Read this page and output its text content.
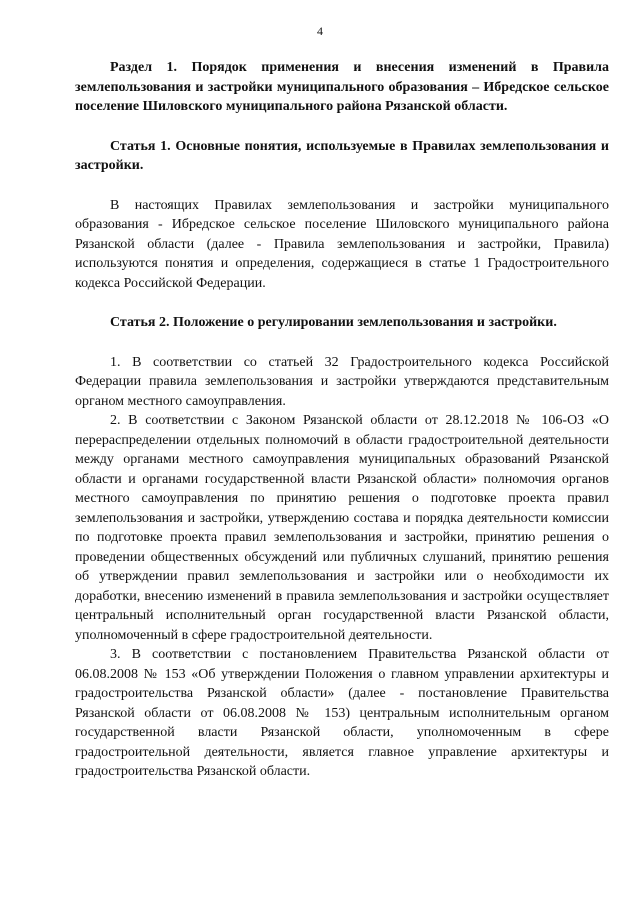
4

Раздел 1. Порядок применения и внесения изменений в Правила землепользования и застройки муниципального образования – Ибредское сельское поселение Шиловского муниципального района Рязанской области.

Статья 1. Основные понятия, используемые в Правилах землепользования и застройки.

В настоящих Правилах землепользования и застройки муниципального образования - Ибредское сельское поселение Шиловского муниципального района Рязанской области (далее - Правила землепользования и застройки, Правила) используются понятия и определения, содержащиеся в статье 1 Градостроительного кодекса Российской Федерации.

Статья 2. Положение о регулировании землепользования и застройки.

1. В соответствии со статьей 32 Градостроительного кодекса Российской Федерации правила землепользования и застройки утверждаются представительным органом местного самоуправления.

2. В соответствии с Законом Рязанской области от 28.12.2018 № 106-ОЗ «О перераспределении отдельных полномочий в области градостроительной деятельности между органами местного самоуправления муниципальных образований Рязанской области и органами государственной власти Рязанской области» полномочия органов местного самоуправления по принятию решения о подготовке проекта правил землепользования и застройки, утверждению состава и порядка деятельности комиссии по подготовке проекта правил землепользования и застройки, принятию решения о проведении общественных обсуждений или публичных слушаний, принятию решения об утверждении правил землепользования и застройки или о необходимости их доработки, внесению изменений в правила землепользования и застройки осуществляет центральный исполнительный орган государственной власти Рязанской области, уполномоченный в сфере градостроительной деятельности.

3. В соответствии с постановлением Правительства Рязанской области от 06.08.2008 № 153 «Об утверждении Положения о главном управлении архитектуры и градостроительства Рязанской области» (далее - постановление Правительства Рязанской области от 06.08.2008 № 153) центральным исполнительным органом государственной власти Рязанской области, уполномоченным в сфере градостроительной деятельности, является главное управление архитектуры и градостроительства Рязанской области.
